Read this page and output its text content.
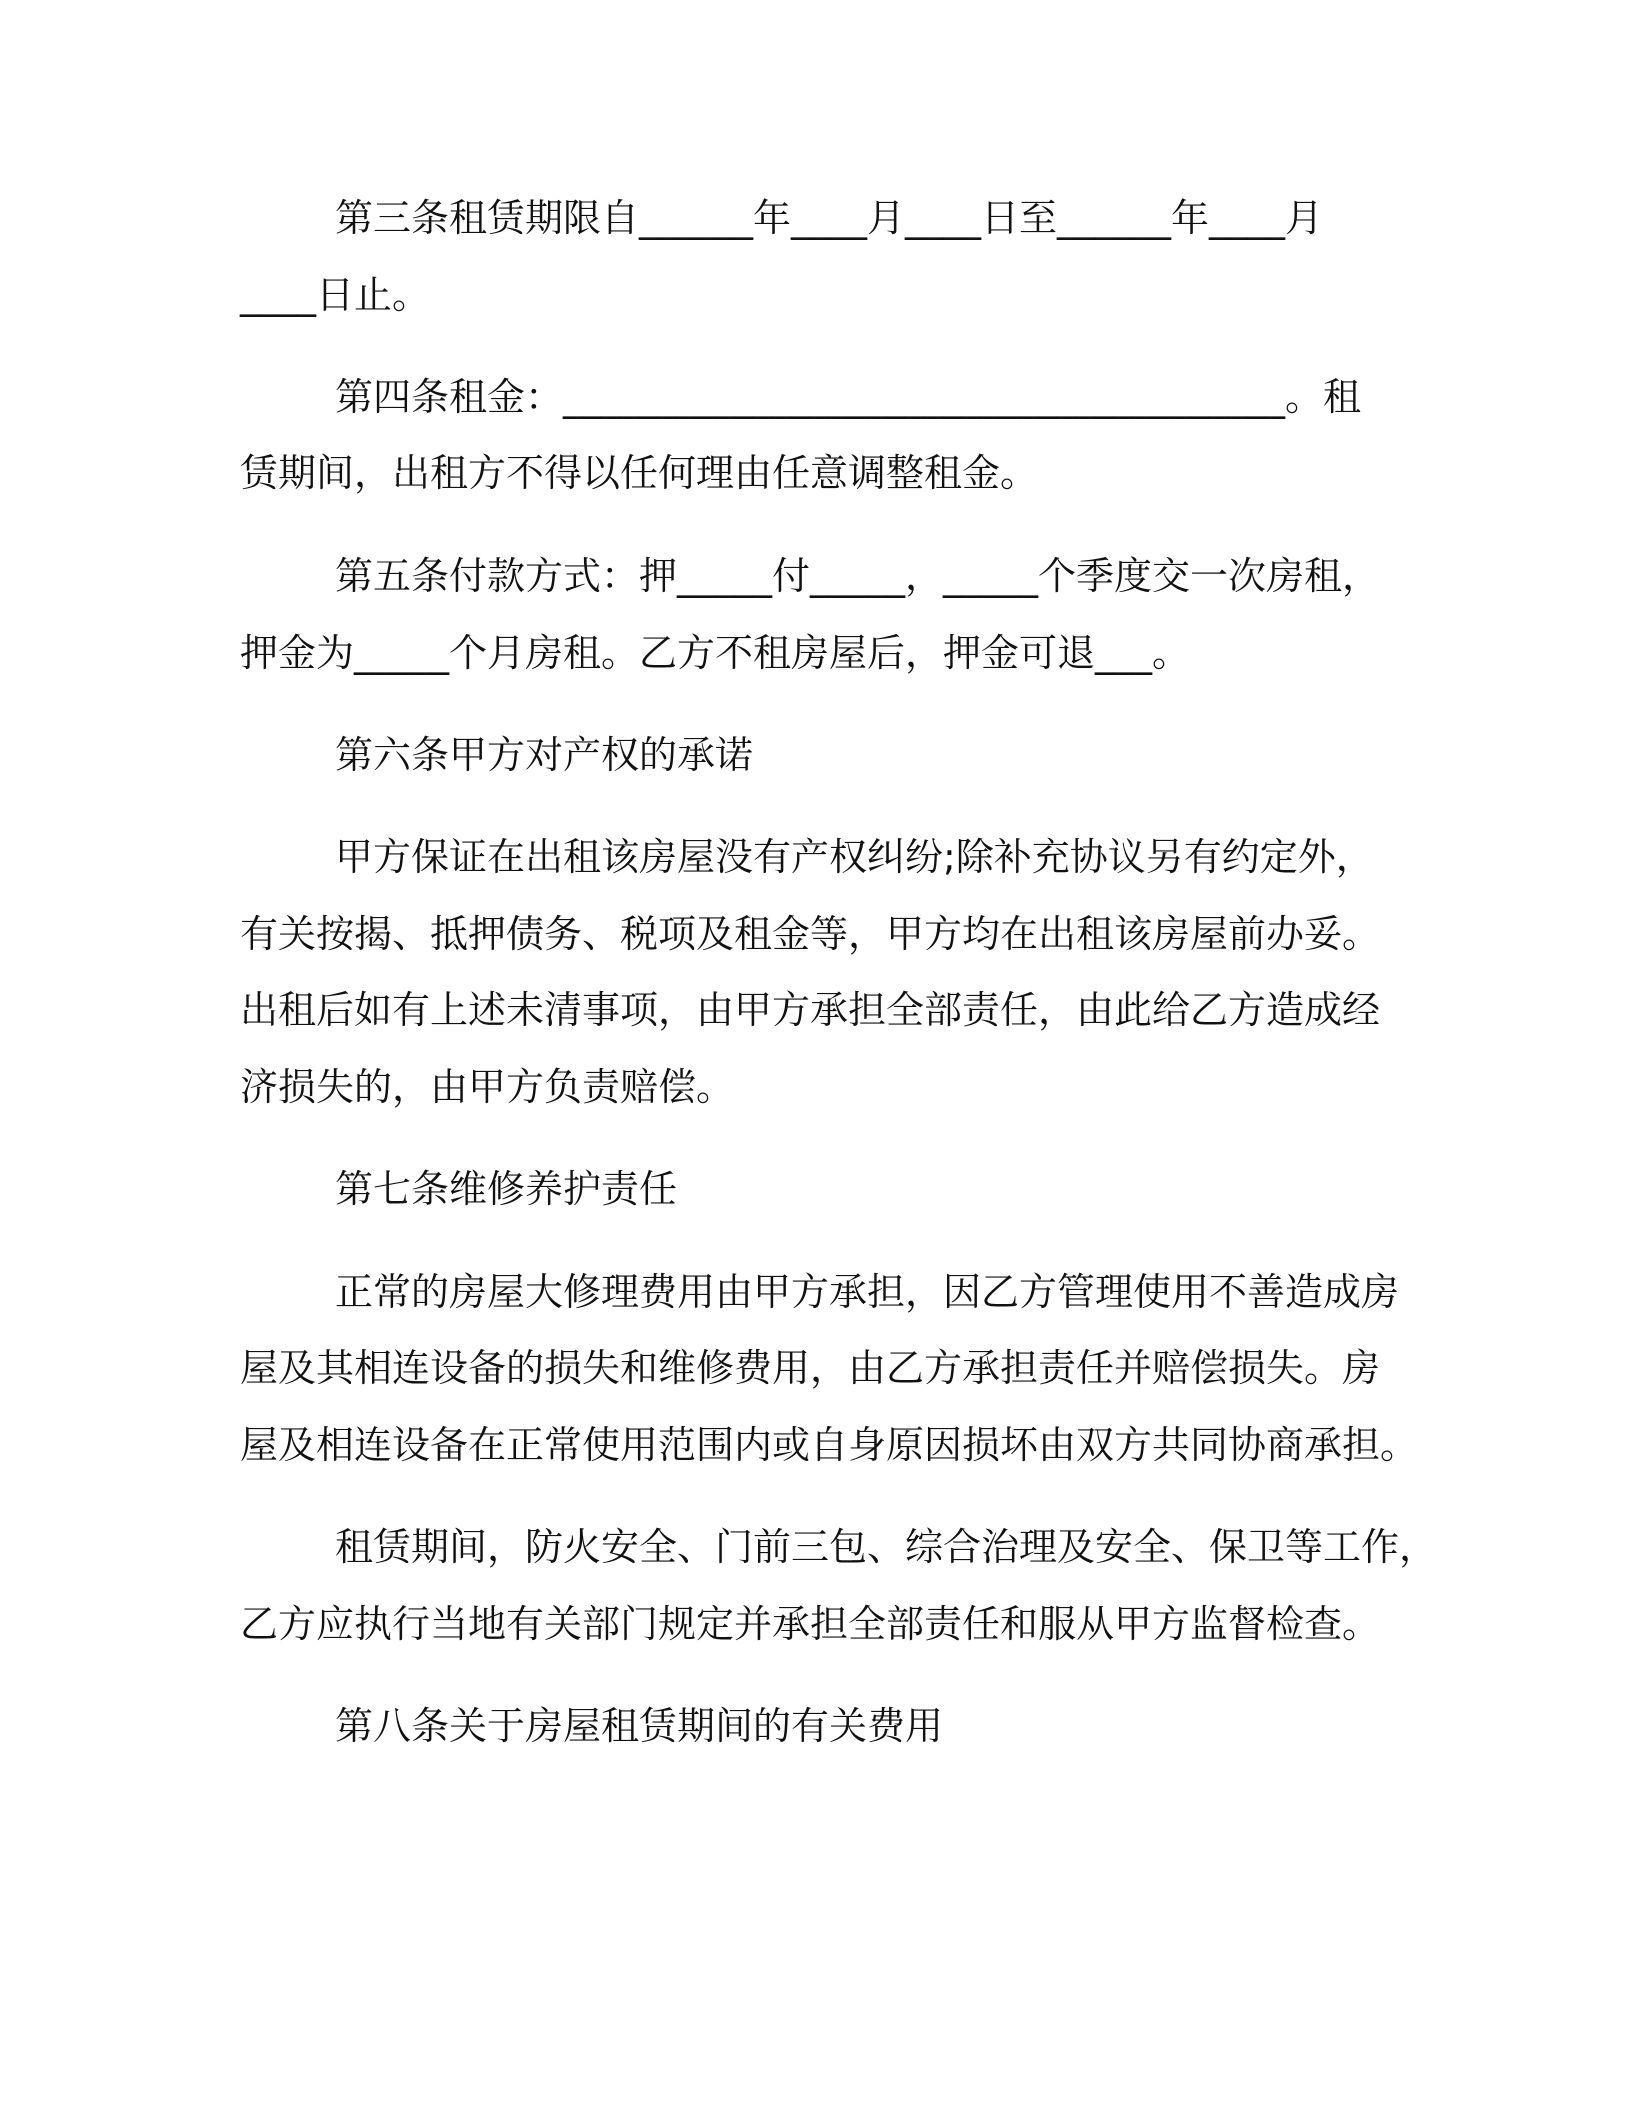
第三条租赁期限自______年____月____日至______年____月
____日止。
第四条租金：______________________________________。租
赁期间，出租方不得以任何理由任意调整租金。
第五条付款方式：押_____付_____，_____个季度交一次房租，
押金为_____个月房租。乙方不租房屋后，押金可退___。
第六条甲方对产权的承诺
甲方保证在出租该房屋没有产权纠纷;除补充协议另有约定外，
有关按揭、抵押债务、税项及租金等，甲方均在出租该房屋前办妥。
出租后如有上述未清事项，由甲方承担全部责任，由此给乙方造成经
济损失的，由甲方负责赔偿。
第七条维修养护责任
正常的房屋大修理费用由甲方承担，因乙方管理使用不善造成房
屋及其相连设备的损失和维修费用，由乙方承担责任并赔偿损失。房
屋及相连设备在正常使用范围内或自身原因损坏由双方共同协商承担。
租赁期间，防火安全、门前三包、综合治理及安全、保卫等工作，
乙方应执行当地有关部门规定并承担全部责任和服从甲方监督检查。
第八条关于房屋租赁期间的有关费用
